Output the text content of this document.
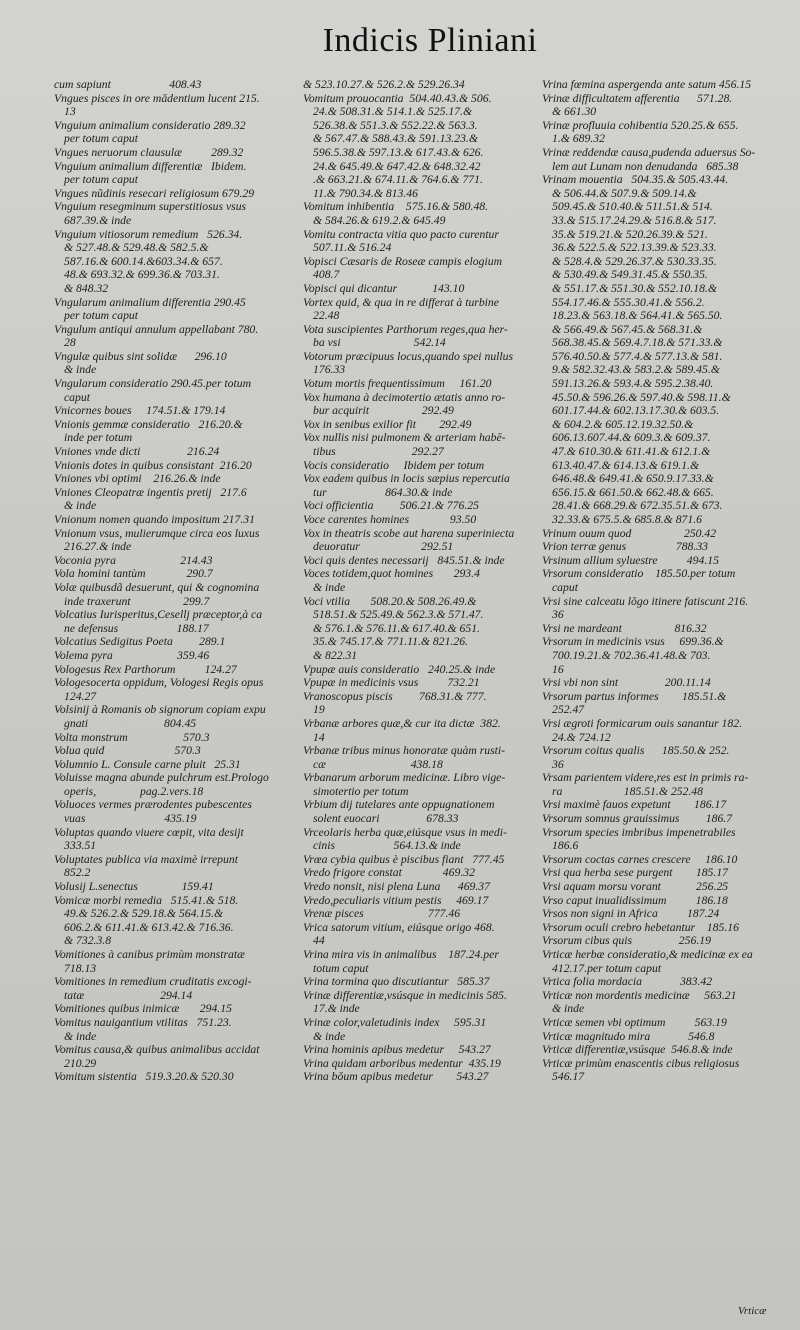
Indicis Pliniani
cum sapiunt                    408.43
Vngues pisces in ore mădentium lucent 215.
13
Vnguium animalium consideratio 289.32
per totum caput
Vngues neruorum clausulæ          289.32
Vnguium animalium differentiæ   Ibidem.
per totum caput
Vngues nũdinis resecari religiosum 679.29
Vnguium resegminum superstitiosus vsus
687.39.& inde
Vnguium vitiosorum remedium   526.34.
& 527.48.& 529.48.& 582.5.&
587.16.& 600.14.&603.34.& 657.
48.& 693.32.& 699.36.& 703.31.
& 848.32
Vngularum animalium differentia 290.45
per totum caput
Vngulum antiqui annulum appellabant 780.
28
Vngulæ quibus sint solidæ      296.10
& inde
Vngularum consideratio 290.45.per totum
caput
Vnicornes boues     174.51.& 179.14
Vnionis gemmæ consideratio   216.20.&
inde per totum
Vniones vnde dicti                216.24
Vnionis dotes in quibus consistant  216.20
Vniones vbi optimi    216.26.& inde
Vniones Cleopatræ ingentis pretij   217.6
& inde
Vnionum nomen quando impositum 217.31
Vnionum vsus, mulierumque circa eos luxus
216.27.& inde
Voconia pyra                      214.43
Vola homini tantùm              290.7
Volæ quibusdã desuerunt, qui & cognomina
inde traxerunt                  299.7
Volcatius Iurisperitus,Cesellj præceptor,à ca
ne defensus                    188.17
Volcatius Sedigitus Poeta         289.1
Volema pyra                      359.46
Vologesus Rex Parthorum          124.27
Vologesocerta oppidum, Vologesi Regis opus
124.27
Volsinij à Romanis ob signorum copiam expu
gnati                          804.45
Volta monstrum                   570.3
Volua quid                        570.3
Volumnio L. Consule carne pluit   25.31
Voluisse magna abunde pulchrum est.Prologo
operis,               pag.2.vers.18
Voluoces vermes prærodentes pubescentes
vuas                           435.19
Voluptas quando viuere cœpit, vita desijt
333.51
Voluptates publica via maximè irrepunt
852.2
Volusij L.senectus               159.41
Vomicæ morbi remedia   515.41.& 518.
49.& 526.2.& 529.18.& 564.15.&
606.2.& 611.41.& 613.42.& 716.36.
& 732.3.8
Vomitiones à canibus primùm monstratæ
718.13
Vomitiones in remedium cruditatis excogi-
tatæ                          294.14
Vomitiones quibus inimicæ       294.15
Vomitus nauigantium vtilitas   751.23.
& inde
Vomitus causa,& quibus animalibus accidat
210.29
Vomitum sistentia   519.3.20.& 520.30
& 523.10.27.& 526.2.& 529.26.34
Vomitum prouocantia  504.40.43.& 506.
24.& 508.31.& 514.1.& 525.17.&
526.38.& 551.3.& 552.22.& 563.3.
& 567.47.& 588.43.& 591.13.23.&
596.5.38.& 597.13.& 617.43.& 626.
24.& 645.49.& 647.42.& 648.32.42
.& 663.21.& 674.11.& 764.6.& 771.
11.& 790.34.& 813.46
Vomitum inhibentia    575.16.& 580.48.
& 584.26.& 619.2.& 645.49
Vomitu contracta vitia quo pacto curentur
507.11.& 516.24
Vopisci Cæsaris de Roseæ campis elogium
408.7
Vopisci qui dicantur            143.10
Vortex quid, & qua in re differat à turbine
22.48
Vota suscipientes Parthorum reges,qua her-
ba vsi                         542.14
Votorum præcipuus locus,quando spei nullus
176.33
Votum mortis frequentissimum     161.20
Vox humana à decimotertio ætatis anno ro-
bur acquirit                  292.49
Vox in senibus exilior fit        292.49
Vox nullis nisi pulmonem & arteriam habē-
tibus                          292.27
Vocis consideratio     Ibidem per totum
Vox eadem quibus in locis sæpius repercutia
tur                    864.30.& inde
Voci officientia         506.21.& 776.25
Voce carentes homines              93.50
Vox in theatris scobe aut harena superiniecta
deuoratur                     292.51
Voci quis dentes necessarij   845.51.& inde
Voces totidem,quot homines       293.4
& inde
Voci vtilia       508.20.& 508.26.49.&
518.51.& 525.49.& 562.3.& 571.47.
& 576.1.& 576.11.& 617.40.& 651.
35.& 745.17.& 771.11.& 821.26.
& 822.31
Vpupæ auis consideratio   240.25.& inde
Vpupæ in medicinis vsus          732.21
Vranoscopus piscis         768.31.& 777.
19
Vrbanæ arbores quæ,& cur ita dictæ  382.
14
Vrbanæ tribus minus honoratæ quàm rusti-
cæ                             438.18
Vrbanarum arborum medicinæ. Libro vige-
simotertio per totum
Vrbium dij tutelares ante oppugnationem
solent euocari                678.33
Vrceolaris herba quæ,eiúsque vsus in medi-
cinis                    564.13.& inde
Vrœa cybia quibus è piscibus fiant   777.45
Vredo frigore constat              469.32
Vredo nonsit, nisi plena Luna      469.37
Vredo,peculiaris vitium pestis     469.17
Vrenæ pisces                      777.46
Vrica satorum vitium, eiúsque origo 468.
44
Vrina mira vis in animalibus    187.24.per
totum caput
Vrina tormina quo discutiantur   585.37
Vrinæ differentiæ,vsúsque in medicinis 585.
17.& inde
Vrinæ color,valetudinis index     595.31
& inde
Vrina hominis apibus medetur     543.27
Vrina quidam arboribus medentur  435.19
Vrina bŏum apibus medetur        543.27
Vrina fœmina aspergenda ante satum 456.15
Vrinæ difficultatem afferentia      571.28.
& 661.30
Vrinæ profluuia cohibentia 520.25.& 655.
1.& 689.32
Vrinæ reddendæ causa,pudenda aduersus So-
lem aut Lunam non denudanda   685.38
Vrinam mouentia   504.35.& 505.43.44.
& 506.44.& 507.9.& 509.14.&
509.45.& 510.40.& 511.51.& 514.
33.& 515.17.24.29.& 516.8.& 517.
35.& 519.21.& 520.26.39.& 521.
36.& 522.5.& 522.13.39.& 523.33.
& 528.4.& 529.26.37.& 530.33.35.
& 530.49.& 549.31.45.& 550.35.
& 551.17.& 551.30.& 552.10.18.&
554.17.46.& 555.30.41.& 556.2.
18.23.& 563.18.& 564.41.& 565.50.
& 566.49.& 567.45.& 568.31.&
568.38.45.& 569.4.7.18.& 571.33.&
576.40.50.& 577.4.& 577.13.& 581.
9.& 582.32.43.& 583.2.& 589.45.&
591.13.26.& 593.4.& 595.2.38.40.
45.50.& 596.26.& 597.40.& 598.11.&
601.17.44.& 602.13.17.30.& 603.5.
& 604.2.& 605.12.19.32.50.&
606.13.607.44.& 609.3.& 609.37.
47.& 610.30.& 611.41.& 612.1.&
613.40.47.& 614.13.& 619.1.&
646.48.& 649.41.& 650.9.17.33.&
656.15.& 661.50.& 662.48.& 665.
28.41.& 668.29.& 672.35.51.& 673.
32.33.& 675.5.& 685.8.& 871.6
Vrinum ouum quod                  250.42
Vrion terræ genus                 788.33
Vrsinum allium syluestre          494.15
Vrsorum consideratio    185.50.per totum
caput
Vrsi sine calceatu lŏgo itinere fatiscunt 216.
36
Vrsi ne mardeant                  816.32
Vrsorum in medicinis vsus     699.36.&
700.19.21.& 702.36.41.48.& 703.
16
Vrsi vbi non sint                200.11.14
Vrsorum partus informes        185.51.&
252.47
Vrsi ægroti formicarum ouis sanantur 182.
24.& 724.12
Vrsorum coitus qualis      185.50.& 252.
36
Vrsam parientem videre,res est in primis ra-
ra                     185.51.& 252.48
Vrsi maximè fauos expetunt        186.17
Vrsorum somnus grauissimus         186.7
Vrsorum species imbribus impenetrabiles
186.6
Vrsorum coctas carnes crescere     186.10
Vrsi qua herba sese purgent        185.17
Vrsi aquam morsu vorant            256.25
Vrso caput inualidissimum          186.18
Vrsos non signi in Africa          187.24
Vrsorum oculi crebro hebetantur    185.16
Vrsorum cibus quis                256.19
Vrticæ herbæ consideratio,& medicinæ ex ea
412.17.per totum caput
Vrtica folia mordacia             383.42
Vrticæ non mordentis medicinæ     563.21
& inde
Vrticæ semen vbi optimum          563.19
Vrticæ magnitudo mira             546.8
Vrticæ differentiæ,vsúsque  546.8.& inde
Vrticæ primùm enascentis cibus religiosus
546.17
Vrticæ
